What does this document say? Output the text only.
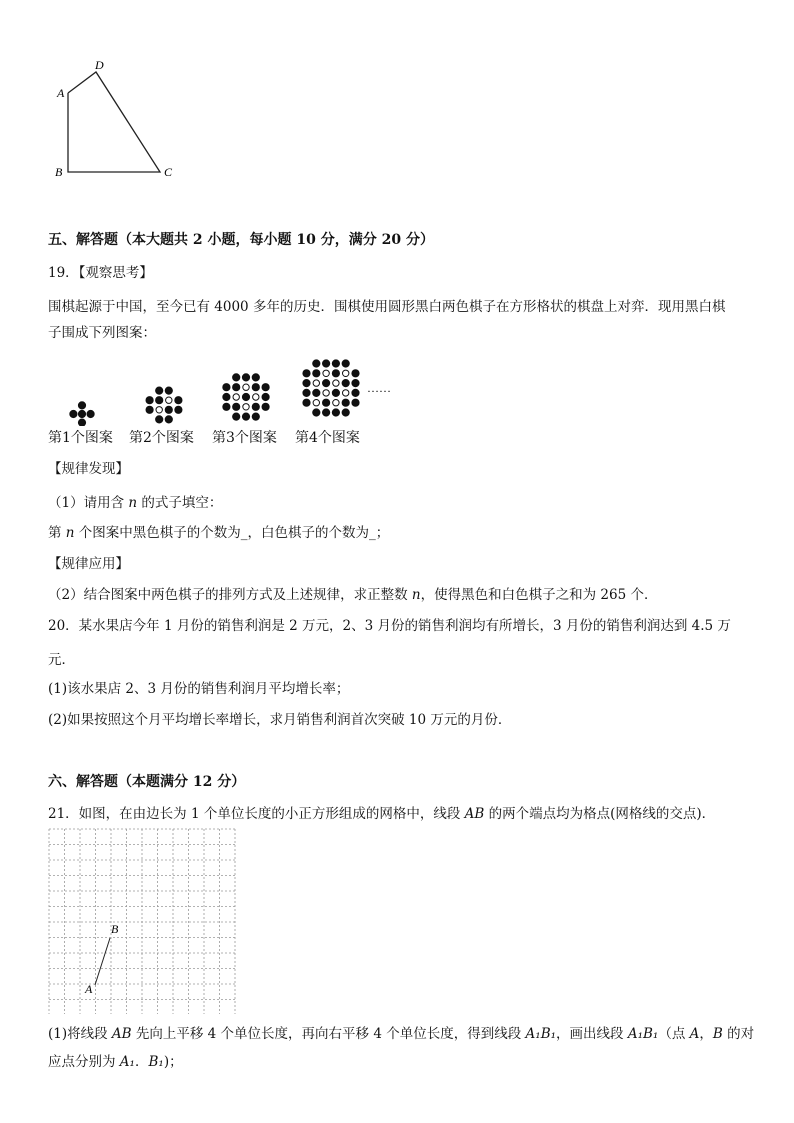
A
D
B	C
五、解答题（本大题共 2 小题，每小题 10 分，满分 20 分）
19．【观察思考】
围棋起源于中国，至今已有 4000 多年的历史．围棋使用圆形黑白两色棋子在方形格状的棋盘上对弈．现用黑白棋
子围成下列图案：
……
第1个图案 第2个图案 第3个图案 第4个图案
【规律发现】
（1）请用含 n 的式子填空：
第 n 个图案中黑色棋子的个数为_，白色棋子的个数为_；
【规律应用】
（2）结合图案中两色棋子的排列方式及上述规律，求正整数 n，使得黑色和白色棋子之和为 265 个．
20．某水果店今年 1 月份的销售利润是 2 万元，2、3 月份的销售利润均有所增长，3 月份的销售利润达到 4.5 万
元．
(1)该水果店 2、3 月份的销售利润月平均增长率；
(2)如果按照这个月平均增长率增长，求月销售利润首次突破 10 万元的月份．
六、解答题（本题满分 12 分）
21．如图，在由边长为 1 个单位长度的小正方形组成的网格中，线段 AB 的两个端点均为格点(网格线的交点)．
B
A
(1)将线段 AB 先向上平移 4 个单位长度，再向右平移 4 个单位长度，得到线段 A₁B₁，画出线段 A₁B₁（点 A，B 的对
应点分别为 A₁．B₁)；
